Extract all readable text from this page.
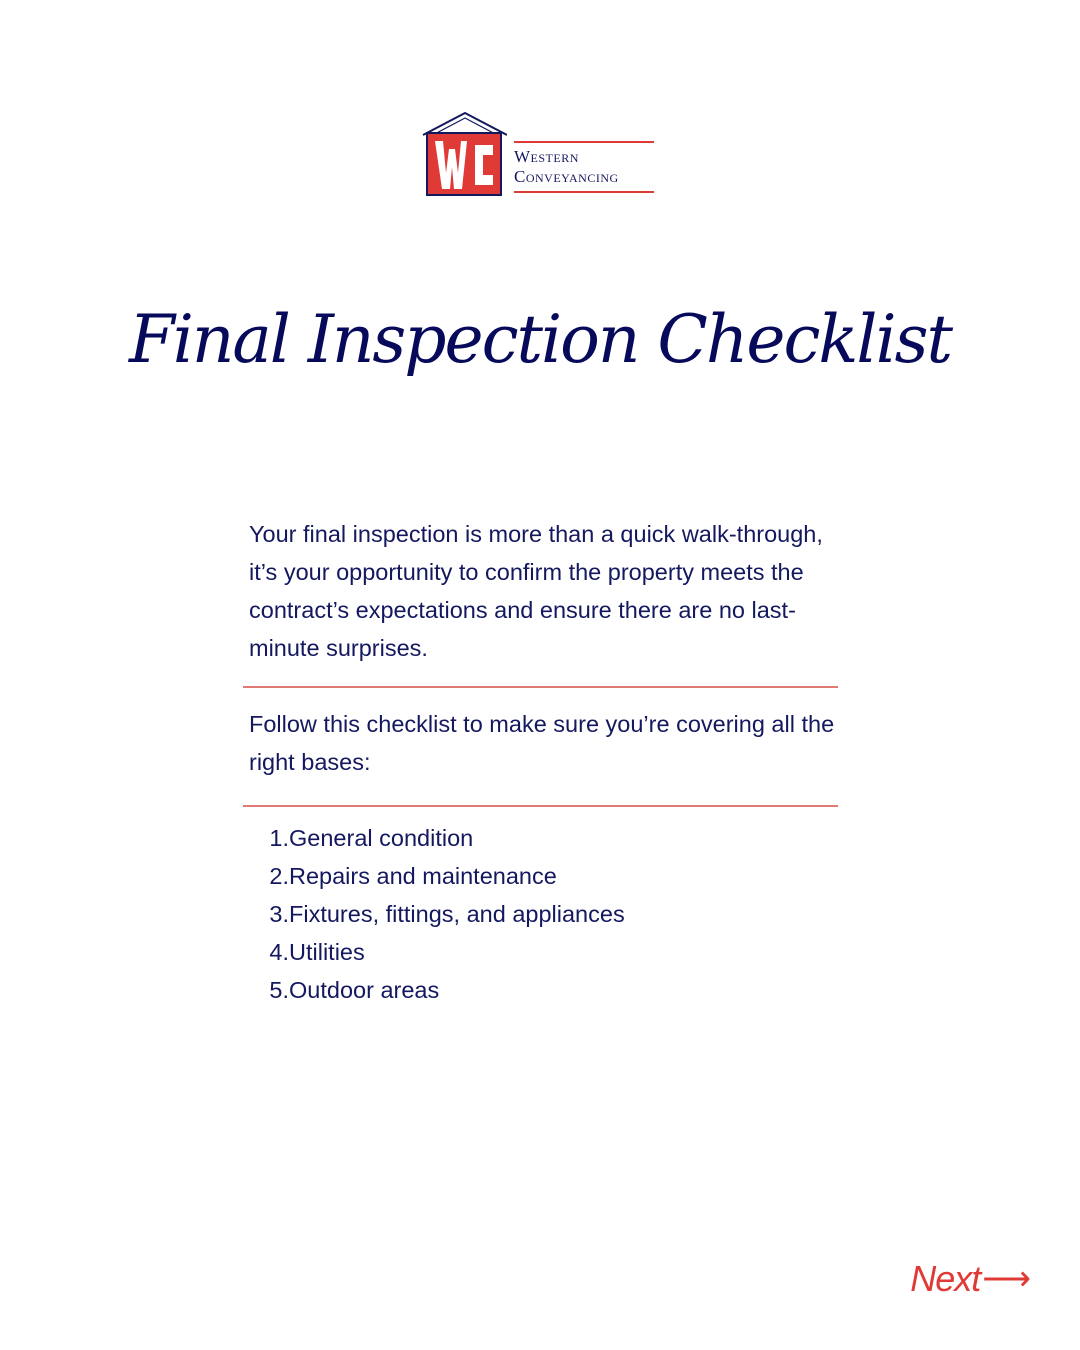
Western
Conveyancing
Final Inspection Checklist

Your final inspection is more than a quick walk-through, it’s your opportunity to confirm the property meets the contract’s expectations and ensure there are no last-minute surprises.

Follow this checklist to make sure you’re covering all the right bases:

1. General condition
2. Repairs and maintenance
3. Fixtures, fittings, and appliances
4. Utilities
5. Outdoor areas
Next ⟶
